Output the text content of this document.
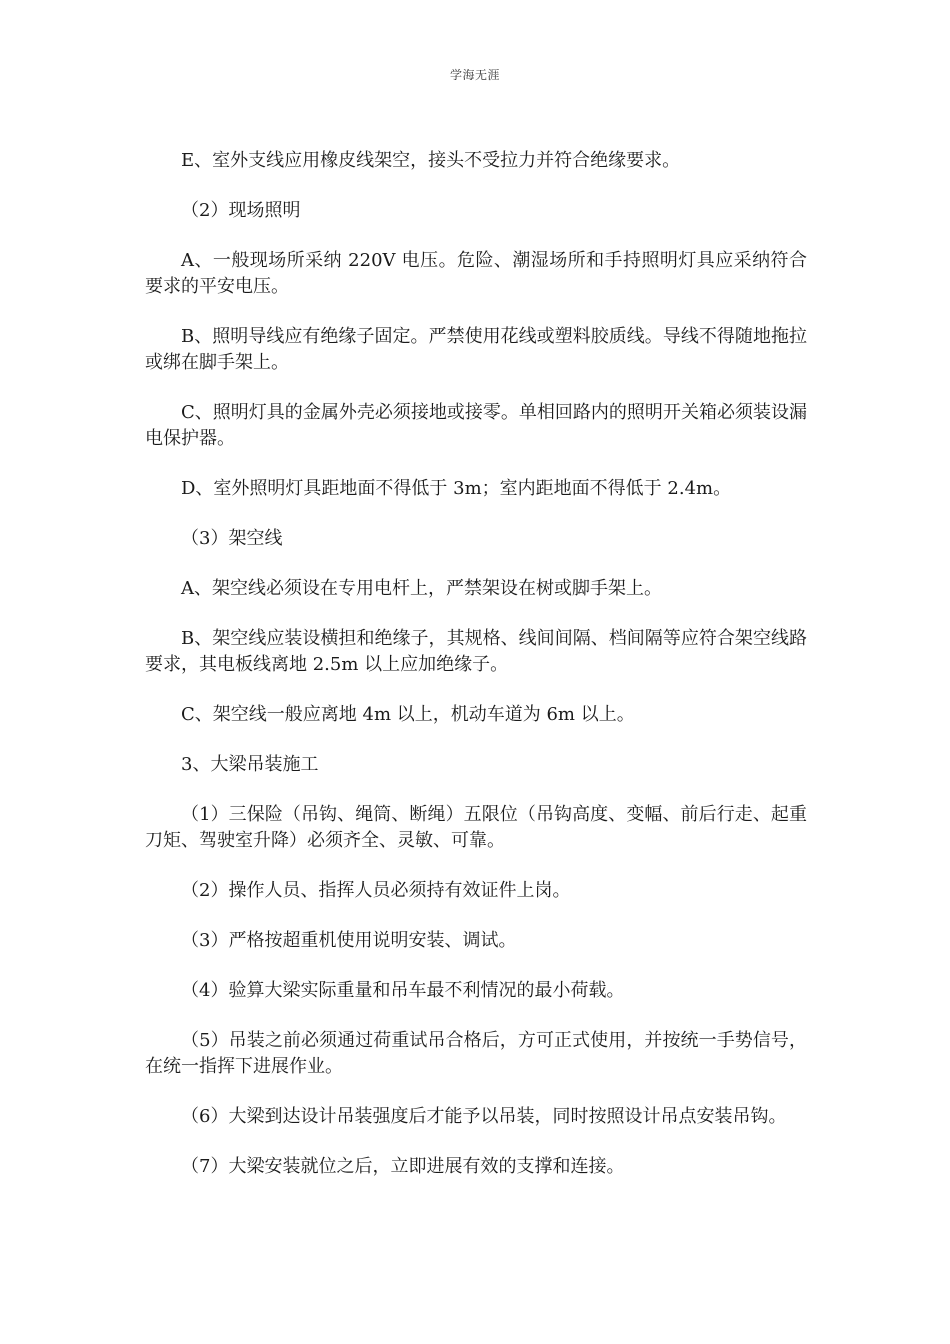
学海无涯

E、室外支线应用橡皮线架空，接头不受拉力并符合绝缘要求。

（2）现场照明

A、一般现场所采纳 220V 电压。危险、潮湿场所和手持照明灯具应采纳符合要求的平安电压。

B、照明导线应有绝缘子固定。严禁使用花线或塑料胶质线。导线不得随地拖拉或绑在脚手架上。

C、照明灯具的金属外壳必须接地或接零。单相回路内的照明开关箱必须装设漏电保护器。

D、室外照明灯具距地面不得低于 3m；室内距地面不得低于 2.4m。

（3）架空线

A、架空线必须设在专用电杆上，严禁架设在树或脚手架上。

B、架空线应装设横担和绝缘子，其规格、线间间隔、档间隔等应符合架空线路要求，其电板线离地 2.5m 以上应加绝缘子。

C、架空线一般应离地 4m 以上，机动车道为 6m 以上。

3、大梁吊装施工

（1）三保险（吊钩、绳筒、断绳）五限位（吊钩高度、变幅、前后行走、起重刀矩、驾驶室升降）必须齐全、灵敏、可靠。

（2）操作人员、指挥人员必须持有效证件上岗。

（3）严格按超重机使用说明安装、调试。

（4）验算大梁实际重量和吊车最不利情况的最小荷载。

（5）吊装之前必须通过荷重试吊合格后，方可正式使用，并按统一手势信号，在统一指挥下进展作业。

（6）大梁到达设计吊装强度后才能予以吊装，同时按照设计吊点安装吊钩。

（7）大梁安装就位之后，立即进展有效的支撑和连接。
